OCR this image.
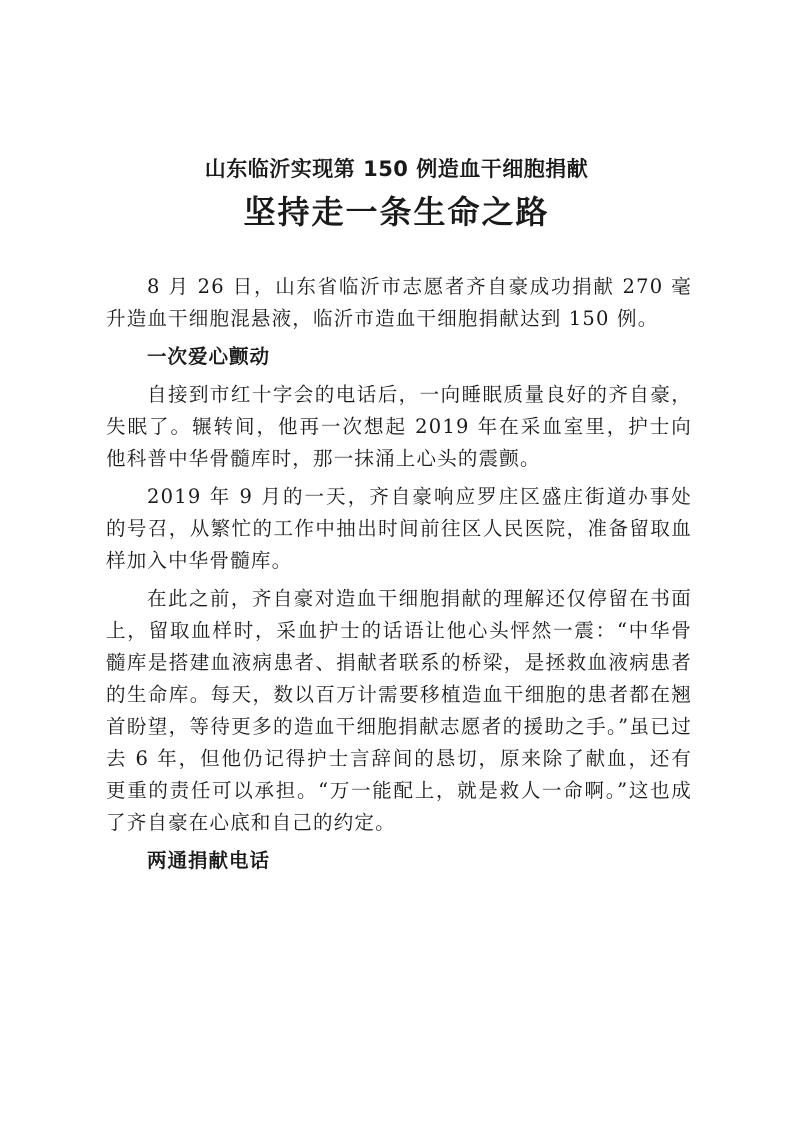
山东临沂实现第 150 例造血干细胞捐献
坚持走一条生命之路

8 月 26 日，山东省临沂市志愿者齐自豪成功捐献 270 毫升造血干细胞混悬液，临沂市造血干细胞捐献达到 150 例。

一次爱心颤动

自接到市红十字会的电话后，一向睡眠质量良好的齐自豪，失眠了。辗转间，他再一次想起 2019 年在采血室里，护士向他科普中华骨髓库时，那一抹涌上心头的震颤。

2019 年 9 月的一天，齐自豪响应罗庄区盛庄街道办事处的号召，从繁忙的工作中抽出时间前往区人民医院，准备留取血样加入中华骨髓库。

在此之前，齐自豪对造血干细胞捐献的理解还仅停留在书面上，留取血样时，采血护士的话语让他心头怦然一震：“中华骨髓库是搭建血液病患者、捐献者联系的桥梁，是拯救血液病患者的生命库。每天，数以百万计需要移植造血干细胞的患者都在翘首盼望，等待更多的造血干细胞捐献志愿者的援助之手。”虽已过去 6 年，但他仍记得护士言辞间的恳切，原来除了献血，还有更重的责任可以承担。“万一能配上，就是救人一命啊。”这也成了齐自豪在心底和自己的约定。

两通捐献电话
